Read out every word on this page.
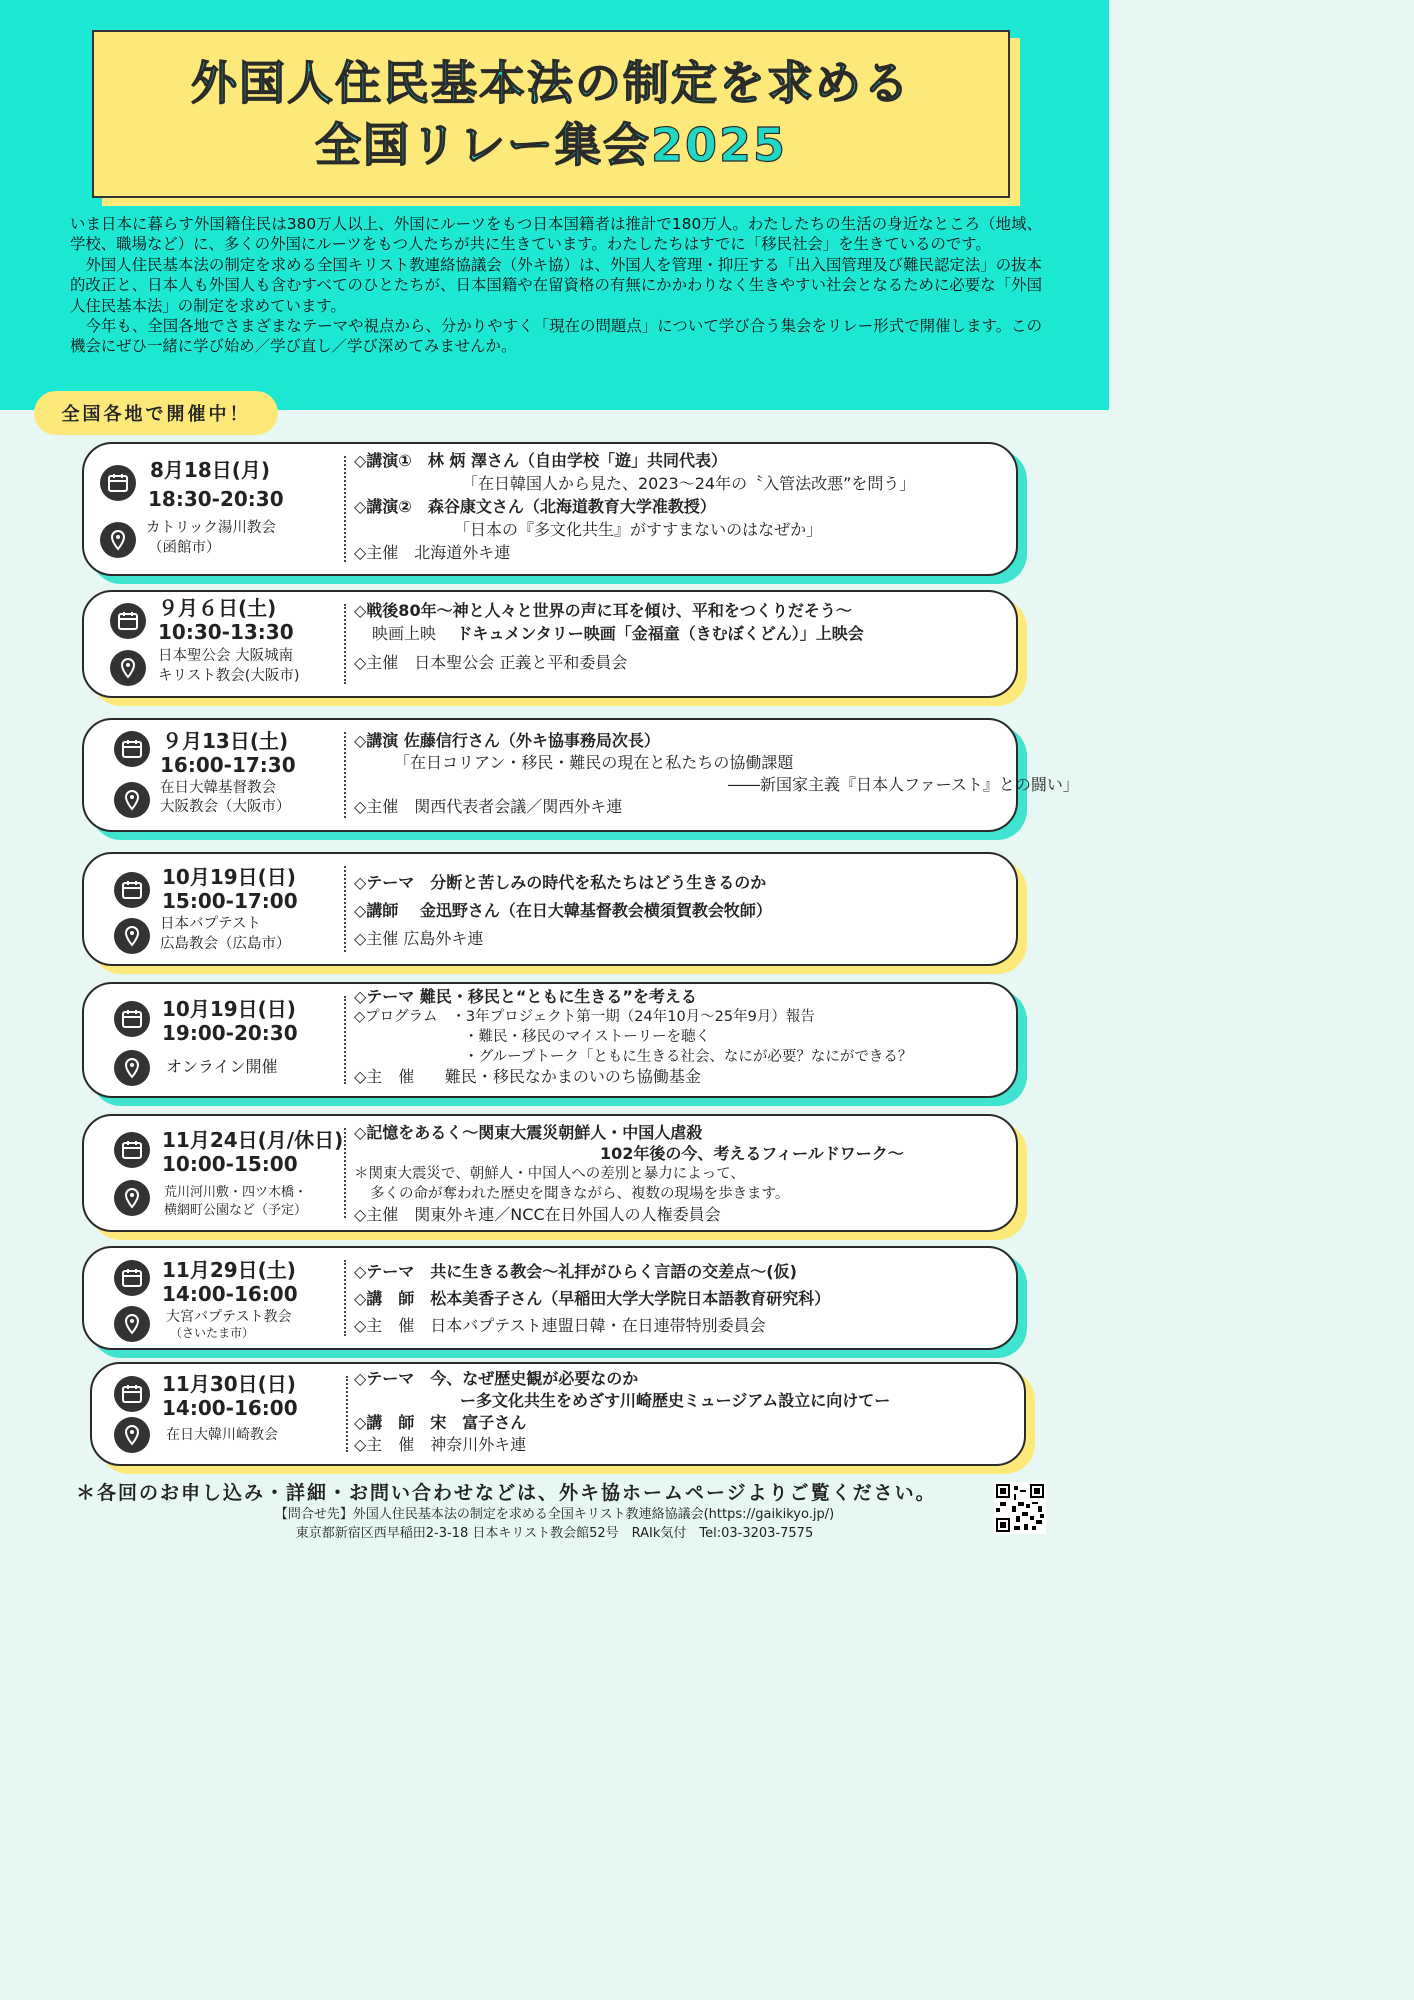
外国人住民基本法の制定を求める
全国リレー集会2025

いま日本に暮らす外国籍住民は380万人以上、外国にルーツをもつ日本国籍者は推計で180万人。わたしたちの生活の身近なところ（地域、学校、職場など）に、多くの外国にルーツをもつ人たちが共に生きています。わたしたちはすでに「移民社会」を生きているのです。

　外国人住民基本法の制定を求める全国キリスト教連絡協議会（外キ協）は、外国人を管理・抑圧する「出入国管理及び難民認定法」の抜本的改正と、日本人も外国人も含むすべてのひとたちが、日本国籍や在留資格の有無にかかわりなく生きやすい社会となるために必要な「外国人住民基本法」の制定を求めています。

　今年も、全国各地でさまざまなテーマや視点から、分かりやすく「現在の問題点」について学び合う集会をリレー形式で開催します。この機会にぜひ一緒に学び始め／学び直し／学び深めてみませんか。

全国各地で開催中！
8月18日(月)
18:30-20:30
カトリック湯川教会
（函館市）
◇講演①　林 炳 澤さん（自由学校「遊」共同代表）
「在日韓国人から見た、2023〜24年の〝入管法改悪”を問う」
◇講演②　森谷康文さん（北海道教育大学准教授）
「日本の『多文化共生』がすすまないのはなぜか」
◇主催　北海道外キ連
９月６日(土)
10:30-13:30
日本聖公会 大阪城南
キリスト教会(大阪市)
◇戦後80年〜神と人々と世界の声に耳を傾け、平和をつくりだそう〜
映画上映 ドキュメンタリー映画「金福童（きむぼくどん）」上映会
◇主催　日本聖公会 正義と平和委員会
９月13日(土)
16:00-17:30
在日大韓基督教会
大阪教会（大阪市）
◇講演 佐藤信行さん（外キ協事務局次長）
「在日コリアン・移民・難民の現在と私たちの協働課題
――新国家主義『日本人ファースト』との闘い」
◇主催　関西代表者会議／関西外キ連
10月19日(日)
15:00-17:00
日本バプテスト
広島教会（広島市）
◇テーマ　分断と苦しみの時代を私たちはどう生きるのか
◇講師　 金迅野さん（在日大韓基督教会横須賀教会牧師）
◇主催 広島外キ連
10月19日(日)
19:00-20:30
オンライン開催
◇テーマ 難民・移民と“ともに生きる”を考える
◇プログラム ・3年プロジェクト第一期（24年10月〜25年9月）報告
・難民・移民のマイストーリーを聴く
・グループトーク「ともに生きる社会、なにが必要？なにができる？
◇主　催 難民・移民なかまのいのち協働基金
11月24日(月/休日)
10:00-15:00
荒川河川敷・四ツ木橋・
横網町公園など（予定）
◇記憶をあるく〜関東大震災朝鮮人・中国人虐殺
102年後の今、考えるフィールドワーク〜
＊関東大震災で、朝鮮人・中国人への差別と暴力によって、
多くの命が奪われた歴史を聞きながら、複数の現場を歩きます。
◇主催　関東外キ連／NCC在日外国人の人権委員会
11月29日(土)
14:00-16:00
大宮バプテスト教会
（さいたま市）
◇テーマ　共に生きる教会〜礼拝がひらく言語の交差点〜(仮)
◇講　師　松本美香子さん（早稲田大学大学院日本語教育研究科）
◇主　催　日本バプテスト連盟日韓・在日連帯特別委員会
11月30日(日)
14:00-16:00
在日大韓川崎教会
◇テーマ　今、なぜ歴史観が必要なのか
ー多文化共生をめざす川崎歴史ミュージアム設立に向けてー
◇講　師　宋　富子さん
◇主　催　神奈川外キ連
＊各回のお申し込み・詳細・お問い合わせなどは、外キ協ホームページよりご覧ください。
【問合せ先】外国人住民基本法の制定を求める全国キリスト教連絡協議会(https://gaikikyo.jp/)
東京都新宿区西早稲田2-3-18 日本キリスト教会館52号　RAIk気付　Tel:03-3203-7575
